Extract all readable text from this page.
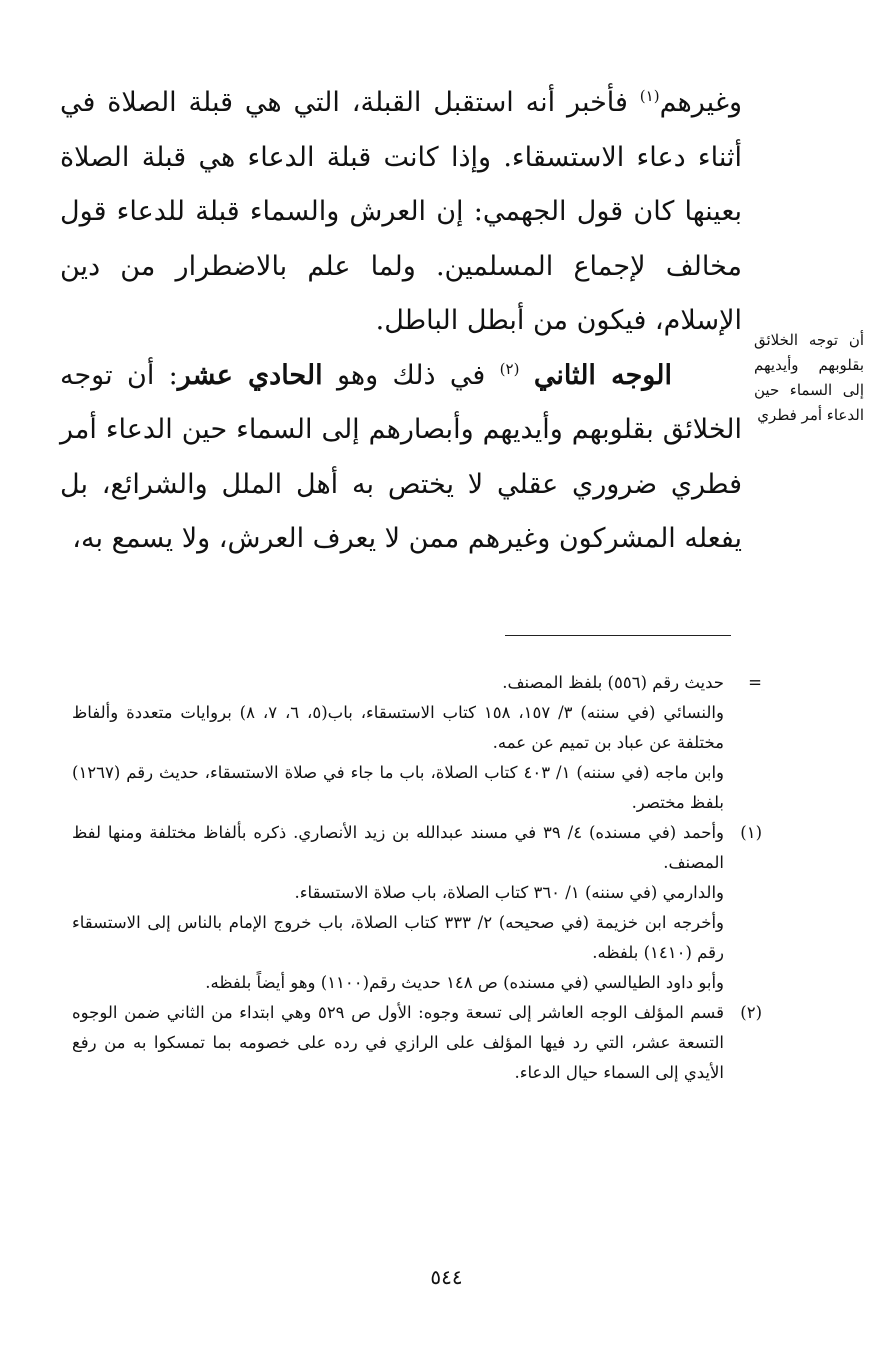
وغيرهم$^{(١)}$ فأخبر أنه استقبل القبلة، التي هي قبلة الصلاة في أثناء دعاء الاستسقاء. وإذا كانت قبلة الدعاء هي قبلة الصلاة بعينها كان قول الجهمي: إن العرش والسماء قبلة للدعاء قول مخالف لإجماع المسلمين. ولما علم بالاضطرار من دين الإسلام، فيكون من أبطل الباطل.

الوجه الثاني $^{(٢)}$ في ذلك وهو الحادي عشر: أن توجه الخلائق بقلوبهم وأيديهم وأبصارهم إلى السماء حين الدعاء أمر فطري ضروري عقلي لا يختص به أهل الملل والشرائع، بل يفعله المشركون وغيرهم ممن لا يعرف العرش، ولا يسمع به،

أن توجه الخلائق بقلوبهم وأيديهم إلى السماء حين الدعاء أمر فطري
=

حديث رقم (٥٥٦) بلفظ المصنف.

والنسائي (في سننه) ٣/ ١٥٧، ١٥٨ كتاب الاستسقاء، باب(٥، ٦، ٧، ٨) بروايات متعددة وألفاظ مختلفة عن عباد بن تميم عن عمه.

وابن ماجه (في سننه) ١/ ٤٠٣ كتاب الصلاة، باب ما جاء في صلاة الاستسقاء، حديث رقم (١٢٦٧) بلفظ مختصر.

(١)

وأحمد (في مسنده) ٤/ ٣٩ في مسند عبدالله بن زيد الأنصاري. ذكره بألفاظ مختلفة ومنها لفظ المصنف.

والدارمي (في سننه) ١/ ٣٦٠ كتاب الصلاة، باب صلاة الاستسقاء.

وأخرجه ابن خزيمة (في صحيحه) ٢/ ٣٣٣ كتاب الصلاة، باب خروج الإمام بالناس إلى الاستسقاء رقم (١٤١٠) بلفظه.

وأبو داود الطيالسي (في مسنده) ص ١٤٨ حديث رقم(١١٠٠) وهو أيضاً بلفظه.

(٢)

قسم المؤلف الوجه العاشر إلى تسعة وجوه: الأول ص ٥٢٩ وهي ابتداء من الثاني ضمن الوجوه التسعة عشر، التي رد فيها المؤلف على الرازي في رده على خصومه بما تمسكوا به من رفع الأيدي إلى السماء حيال الدعاء.

٥٤٤
